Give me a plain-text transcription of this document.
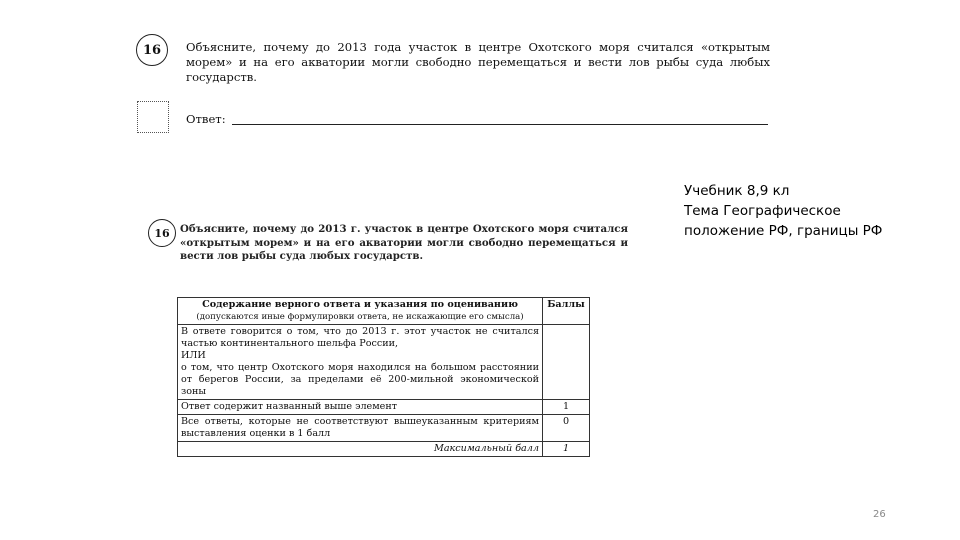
16 Объясните, почему до 2013 года участок в центре Охотского моря считался «открытым морем» и на его акватории могли свободно перемещаться и вести лов рыбы суда любых государств.
Ответ:
Учебник 8,9 кл
Тема Географическое
положение РФ, границы РФ
16 Объясните, почему до 2013 г. участок в центре Охотского моря считался «открытым морем» и на его акватории могли свободно перемещаться и вести лов рыбы суда любых государств.
Содержание верного ответа и указания по оцениванию
(допускаются иные формулировки ответа, не искажающие его смысла)	Баллы

В ответе говорится о том, что до 2013 г. этот участок не считался частью континентального шельфа России,
ИЛИ
о том, что центр Охотского моря находился на большом расстоянии от берегов России, за пределами её 200-мильной экономической зоны	

Ответ содержит названный выше элемент	1
Все ответы, которые не соответствуют вышеуказанным критериям выставления оценки в 1 балл	0
Максимальный балл	1
26
